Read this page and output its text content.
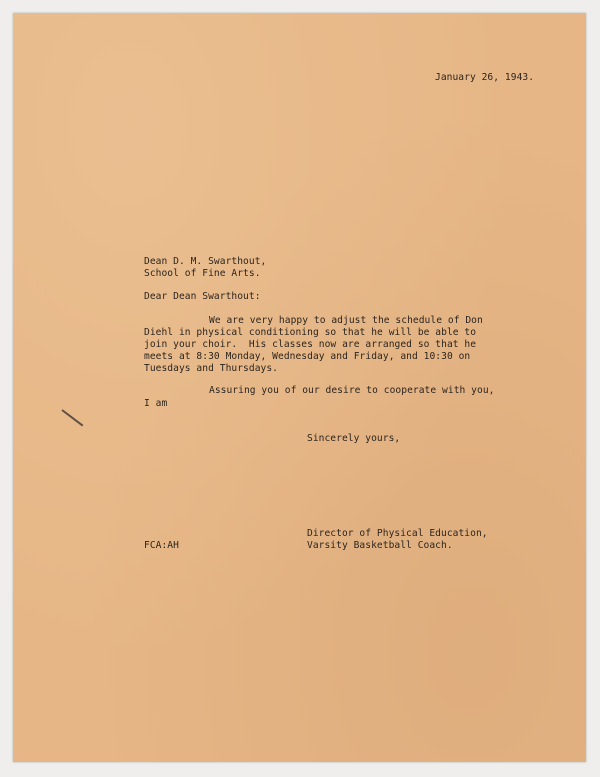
January 26, 1943.
Dean D. M. Swarthout,
School of Fine Arts.
Dear Dean Swarthout:
We are very happy to adjust the schedule of Don
Diehl in physical conditioning so that he will be able to
join your choir.  His classes now are arranged so that he
meets at 8:30 Monday, Wednesday and Friday, and 10:30 on
Tuesdays and Thursdays.
Assuring you of our desire to cooperate with you,
I am
Sincerely yours,
Director of Physical Education,
Varsity Basketball Coach.
FCA:AH
